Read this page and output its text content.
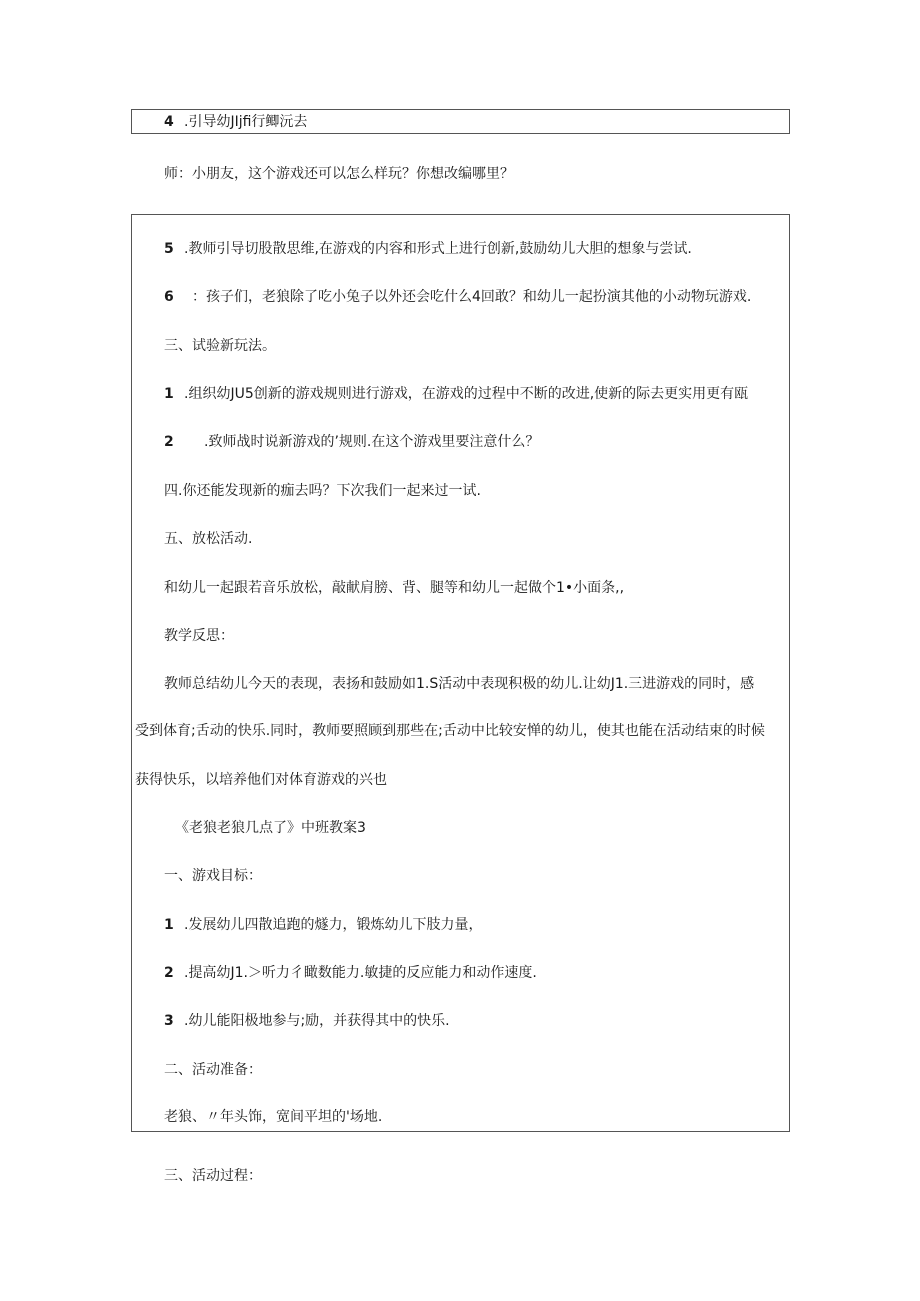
4 .引导幼JIjfi行鲫沅去
师：小朋友，这个游戏还可以怎么样玩？你想改编哪里？
5 .教师引导切股散思维,在游戏的内容和形式上进行创新,鼓励幼儿大胆的想象与尝试.
6 ：孩子们，老狼除了吃小兔子以外还会吃什么4回敢？和幼儿一起扮演其他的小动物玩游戏.
三、试验新玩法。
1 .组织幼JU5创新的游戏规则进行游戏，在游戏的过程中不断的改进,使新的际去更实用更有瓯
2 .致师战时说新游戏的’规则.在这个游戏里要注意什么？
四.你还能发现新的痂去吗？下次我们一起来过一试.
五、放松活动.
和幼儿一起跟若音乐放松，敲献肩膀、背、腿等和幼儿一起做个1•小面条,,
教学反思：
教师总结幼儿今天的表现，表扬和鼓励如1.S活动中表现积极的幼儿.让幼J1.三进游戏的同时，感
受到体育;舌动的快乐.同时，教师要照顾到那些在;舌动中比较安惮的幼儿，使其也能在活动结束的时候
获得快乐，以培养他们对体育游戏的兴也
《老狼老狼几点了》中班教案3
一、游戏目标：
1 .发展幼儿四散追跑的燧力，锻炼幼儿下肢力量，
2 .提高幼J1.＞听力彳瞰数能力.敏捷的反应能力和动作速度.
3 .幼儿能阳极地参与;励，并获得其中的快乐.
二、活动准备：
老狼、〃年头饰，宽间平坦的'场地.
三、活动过程：
